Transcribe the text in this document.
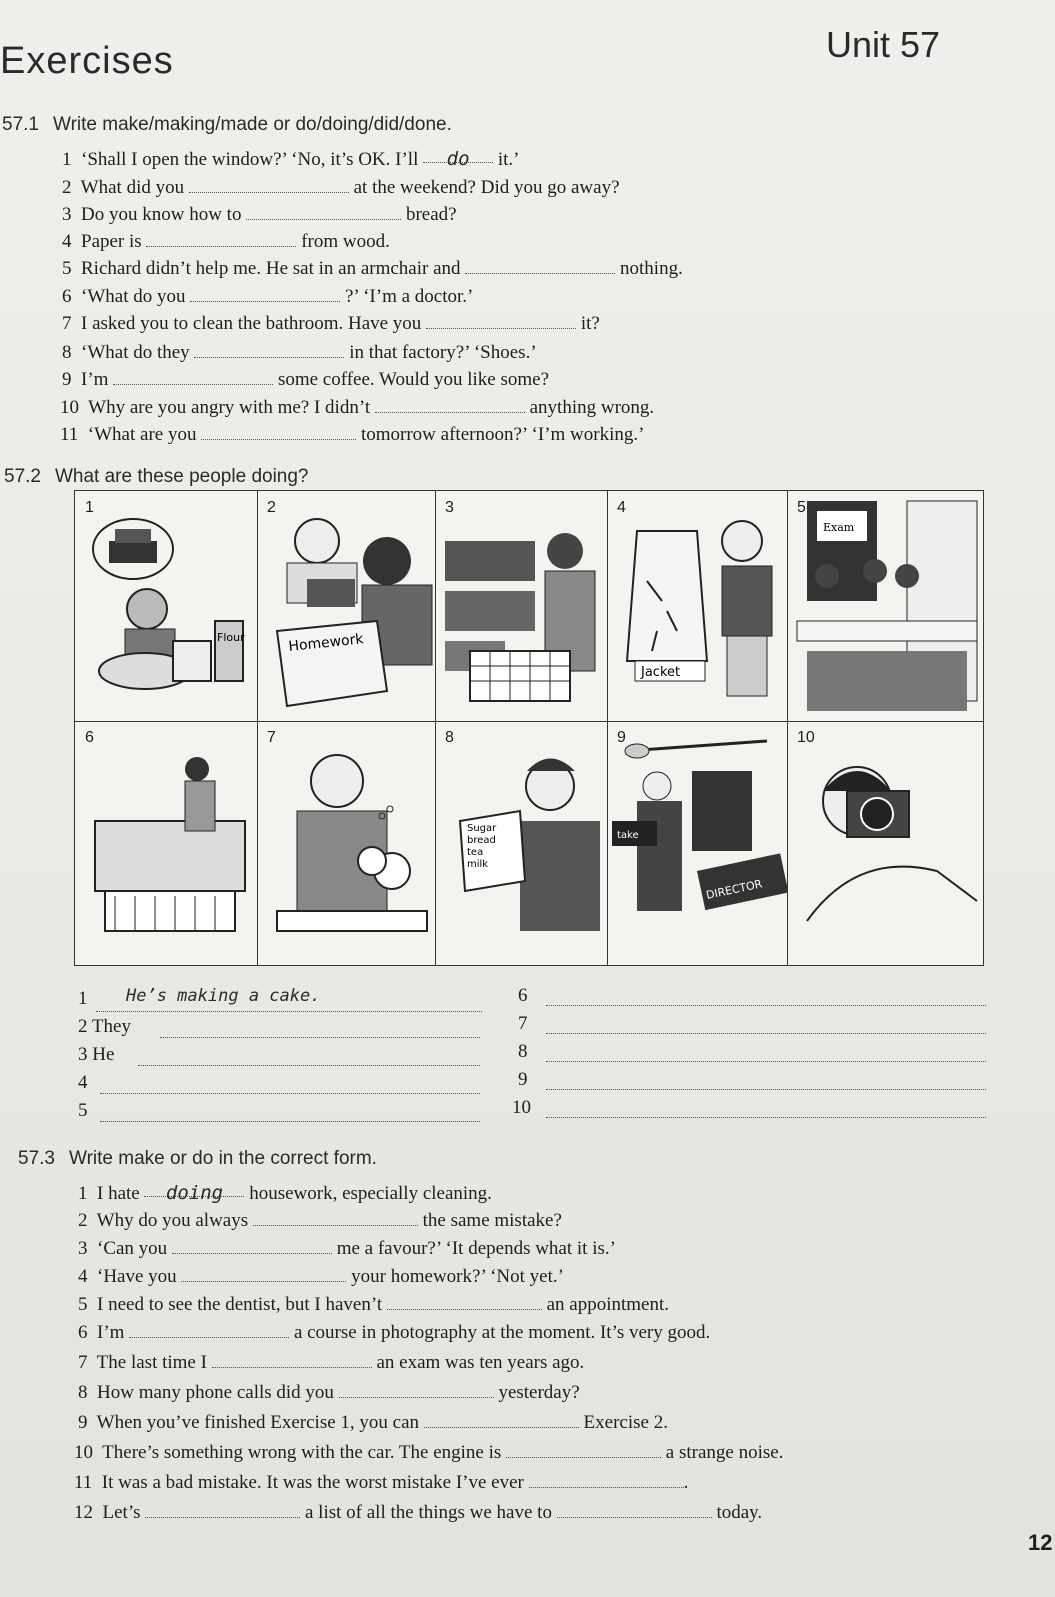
Exercises	Unit 57
57.1 Write make/making/made or do/doing/did/done.
1 ‘Shall I open the window?’ ‘No, it’s OK. I’ll do it.’
2 What did you	at the weekend? Did you go away?
3 Do you know how to	bread?
4 Paper is	from wood.
5 Richard didn’t help me. He sat in an armchair and	nothing.
6 ‘What do you	?’ ‘I’m a doctor.’
7 I asked you to clean the bathroom. Have you	it?
8 ‘What do they	in that factory?’ ‘Shoes.’
9 I’m	some coffee. Would you like some?
10 Why are you angry with me? I didn’t	anything wrong.
11 ‘What are you	tomorrow afternoon?’ ‘I’m working.’
57.2 What are these people doing?
1
Flour
2
Homework
3	4
Jacket
5
Exam
6	7	8
Sugar
bread
tea
milk
9
take
DIRECTOR
10
1 He’s making a cake.
2 They
3 He
4
5
6
7
8
9
10
57.3 Write make or do in the correct form.
1 I hate doing housework, especially cleaning.
2 Why do you always	the same mistake?
3 ‘Can you	me a favour?’ ‘It depends what it is.’
4 ‘Have you	your homework?’ ‘Not yet.’
5 I need to see the dentist, but I haven’t	an appointment.
6 I’m	a course in photography at the moment. It’s very good.
7 The last time I	an exam was ten years ago.
8 How many phone calls did you	yesterday?
9 When you’ve finished Exercise 1, you can	Exercise 2.
10 There’s something wrong with the car. The engine is	a strange noise.
11 It was a bad mistake. It was the worst mistake I’ve ever	.
12 Let’s	a list of all the things we have to	today.
12
